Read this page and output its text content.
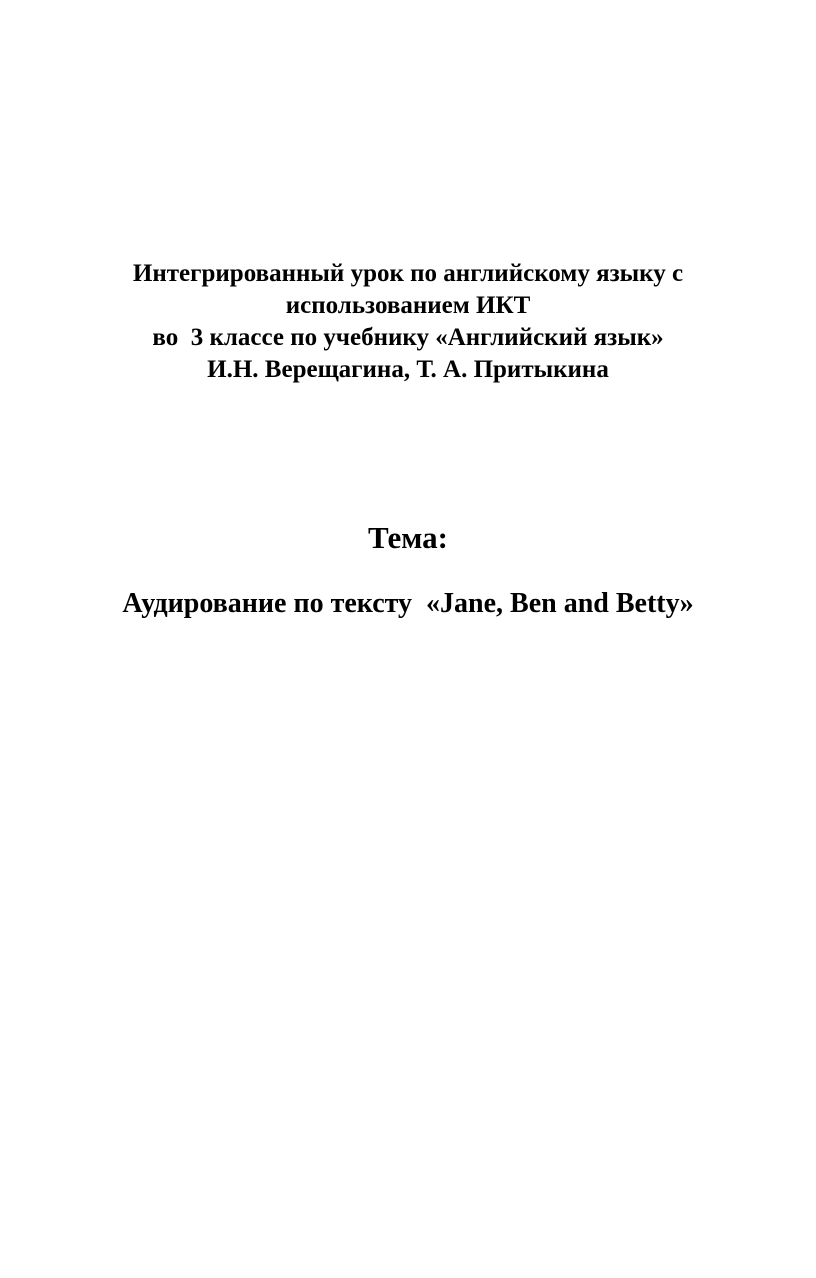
Интегрированный урок по английскому языку с
использованием ИКТ
во  3 классе по учебнику «Английский язык»
И.Н. Верещагина, Т. А. Притыкина
Тема:
Аудирование по тексту  «Jane, Ben and Betty»
